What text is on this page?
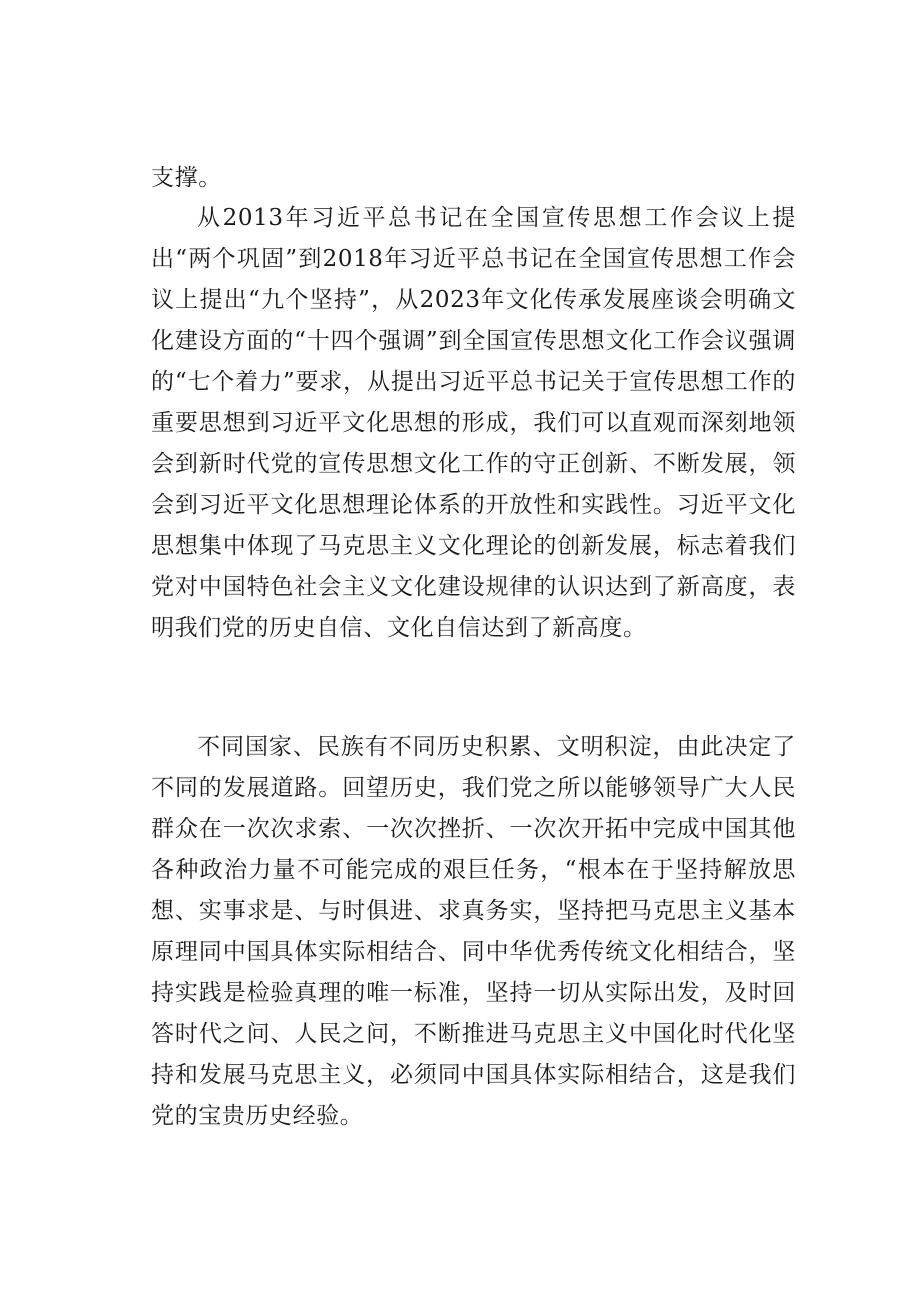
支撑。

从2013年习近平总书记在全国宣传思想工作会议上提出“两个巩固”到2018年习近平总书记在全国宣传思想工作会议上提出“九个坚持”，从2023年文化传承发展座谈会明确文化建设方面的“十四个强调”到全国宣传思想文化工作会议强调的“七个着力”要求，从提出习近平总书记关于宣传思想工作的重要思想到习近平文化思想的形成，我们可以直观而深刻地领会到新时代党的宣传思想文化工作的守正创新、不断发展，领会到习近平文化思想理论体系的开放性和实践性。习近平文化思想集中体现了马克思主义文化理论的创新发展，标志着我们党对中国特色社会主义文化建设规律的认识达到了新高度，表明我们党的历史自信、文化自信达到了新高度。

不同国家、民族有不同历史积累、文明积淀，由此决定了不同的发展道路。回望历史，我们党之所以能够领导广大人民群众在一次次求索、一次次挫折、一次次开拓中完成中国其他各种政治力量不可能完成的艰巨任务，“根本在于坚持解放思想、实事求是、与时俱进、求真务实，坚持把马克思主义基本原理同中国具体实际相结合、同中华优秀传统文化相结合，坚持实践是检验真理的唯一标准，坚持一切从实际出发，及时回答时代之问、人民之问，不断推进马克思主义中国化时代化坚持和发展马克思主义，必须同中国具体实际相结合，这是我们党的宝贵历史经验。
